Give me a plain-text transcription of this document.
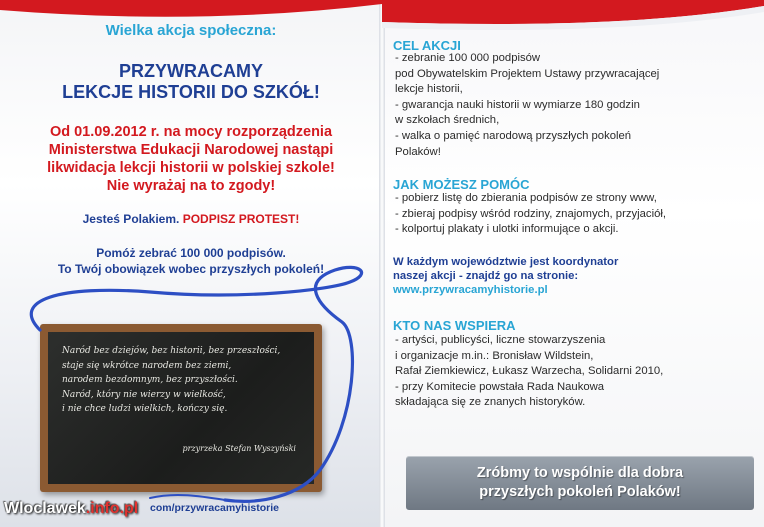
Wielka akcja społeczna:
PRZYWRACAMY
LEKCJE HISTORII DO SZKÓŁ!
Od 01.09.2012 r. na mocy rozporządzenia
Ministerstwa Edukacji Narodowej nastąpi
likwidacja lekcji historii w polskiej szkole!
Nie wyrażaj na to zgody!
Jesteś Polakiem. PODPISZ PROTEST!
Pomóż zebrać 100 000 podpisów.
To Twój obowiązek wobec przyszłych pokoleń!
Naród bez dziejów, bez historii, bez przeszłości,
staje się wkrótce narodem bez ziemi,
narodem bezdomnym, bez przyszłości.
Naród, który nie wierzy w wielkość,
i nie chce ludzi wielkich, kończy się.
przyrzeka Stefan Wyszyński
Wloclawek.info.pl com/przywracamyhistorie
CEL AKCJI
- zebranie 100 000 podpisów
pod Obywatelskim Projektem Ustawy przywracającej
lekcje historii,
- gwarancja nauki historii w wymiarze 180 godzin
w szkołach średnich,
- walka o pamięć narodową przyszłych pokoleń
Polaków!
JAK MOŻESZ POMÓC
- pobierz listę do zbierania podpisów ze strony www,
- zbieraj podpisy wśród rodziny, znajomych, przyjaciół,
- kolportuj plakaty i ulotki informujące o akcji.
W każdym województwie jest koordynator
naszej akcji - znajdź go na stronie:
www.przywracamyhistorie.pl
KTO NAS WSPIERA
- artyści, publicyści, liczne stowarzyszenia
i organizacje m.in.: Bronisław Wildstein,
Rafał Ziemkiewicz, Łukasz Warzecha, Solidarni 2010,
- przy Komitecie powstała Rada Naukowa
składająca się ze znanych historyków.
Zróbmy to wspólnie dla dobra
przyszłych pokoleń Polaków!
